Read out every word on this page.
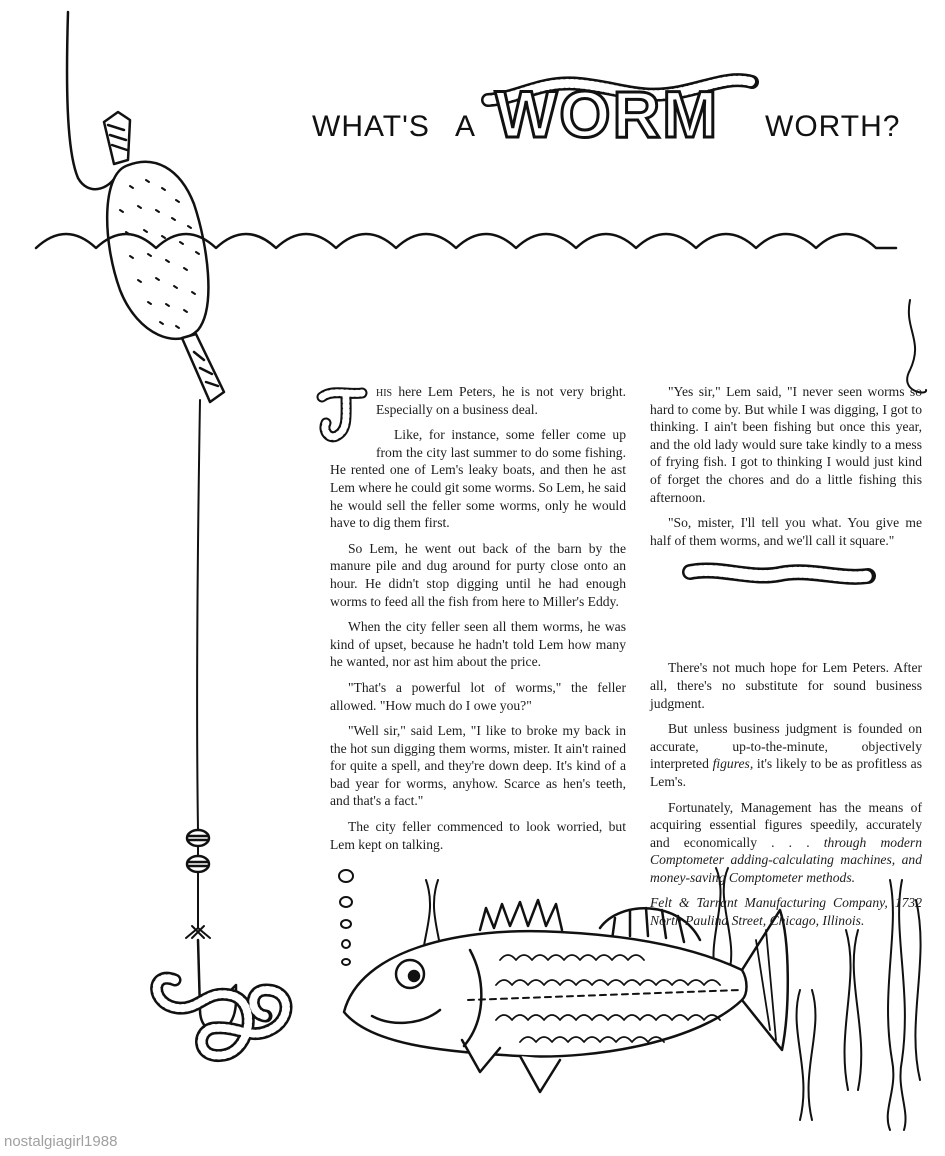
WHAT'S A WORM WORTH?

T
his here Lem Peters, he is not very bright. Especially on a business deal.

Like, for instance, some feller come up from the city last summer to do some fishing. He rented one of Lem's leaky boats, and then he ast Lem where he could git some worms. So Lem, he said he would sell the feller some worms, only he would have to dig them first.

So Lem, he went out back of the barn by the manure pile and dug around for purty close onto an hour. He didn't stop digging until he had enough worms to feed all the fish from here to Miller's Eddy.

When the city feller seen all them worms, he was kind of upset, because he hadn't told Lem how many he wanted, nor ast him about the price.

"That's a powerful lot of worms," the feller allowed. "How much do I owe you?"

"Well sir," said Lem, "I like to broke my back in the hot sun digging them worms, mister. It ain't rained for quite a spell, and they're down deep. It's kind of a bad year for worms, anyhow. Scarce as hen's teeth, and that's a fact."

The city feller commenced to look worried, but Lem kept on talking.

"Yes sir," Lem said, "I never seen worms so hard to come by. But while I was digging, I got to thinking. I ain't been fishing but once this year, and the old lady would sure take kindly to a mess of frying fish. I got to thinking I would just kind of forget the chores and do a little fishing this afternoon.

"So, mister, I'll tell you what. You give me half of them worms, and we'll call it square."

There's not much hope for Lem Peters. After all, there's no substitute for sound business judgment.

But unless business judgment is founded on accurate, up-to-the-minute, objectively interpreted figures, it's likely to be as profitless as Lem's.

Fortunately, Management has the means of acquiring essential figures speedily, accurately and economically . . . through modern Comptometer adding-calculating machines, and money-saving Comptometer methods.

Felt & Tarrant Manufacturing Company, 1732 North Paulina Street, Chicago, Illinois.

nostalgiagirl1988
